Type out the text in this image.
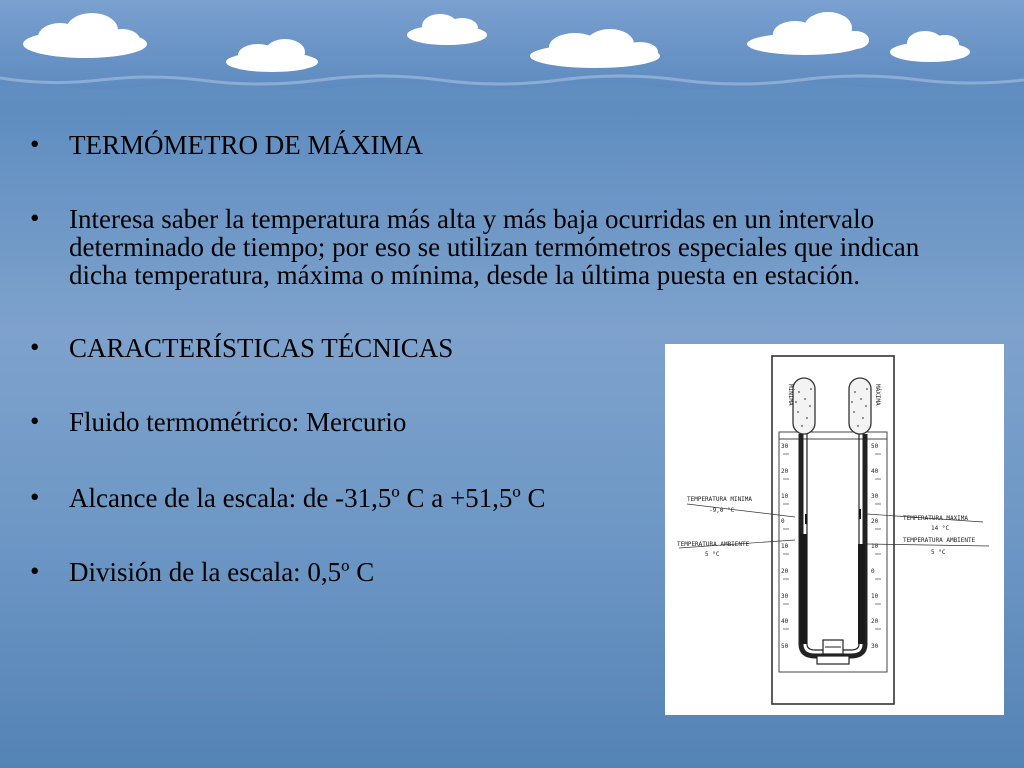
• TERMÓMETRO DE MÁXIMA
• Interesa saber la temperatura más alta y más baja ocurridas en un intervalo determinado de tiempo; por eso se utilizan termómetros especiales que indican dicha temperatura, máxima o mínima, desde la última puesta en estación.
• CARACTERÍSTICAS TÉCNICAS
• Fluido termométrico: Mercurio
• Alcance de la escala: de -31,5º C a +51,5º C
• División de la escala: 0,5º C
MÍNIMA	MÁXIMA
30
20
10
0
10
20
30
40
50
50
40
30
20
10
0
10
20
30
TEMPERATURA MINIMA
-9,0 °C
TEMPERATURA AMBIENTE
5 °C
TEMPERATURA MAXIMA
14 °C
TEMPERATURA AMBIENTE
5 °C
